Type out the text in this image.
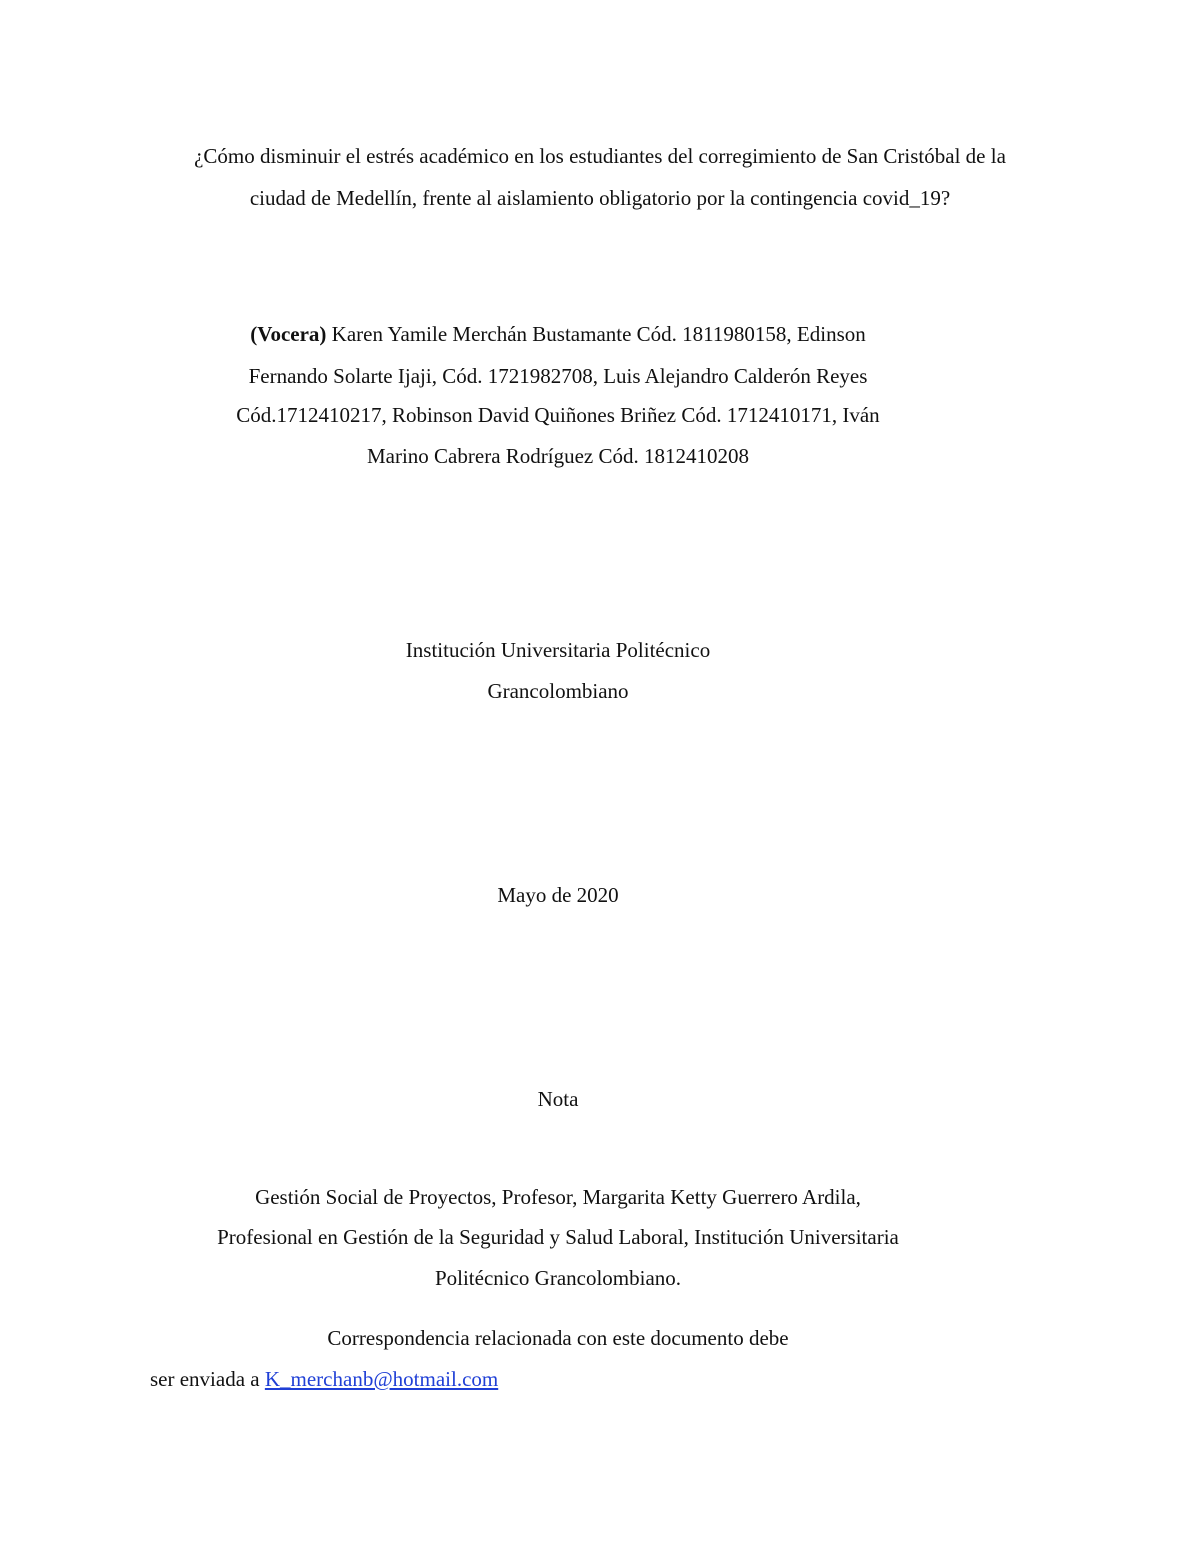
¿Cómo disminuir el estrés académico en los estudiantes del corregimiento de San Cristóbal de la
ciudad de Medellín, frente al aislamiento obligatorio por la contingencia covid_19?
(Vocera) Karen Yamile Merchán Bustamante Cód. 1811980158, Edinson
Fernando Solarte Ijaji, Cód. 1721982708, Luis Alejandro Calderón Reyes
Cód.1712410217, Robinson David Quiñones Briñez Cód. 1712410171, Iván
Marino Cabrera Rodríguez Cód. 1812410208
Institución Universitaria Politécnico
Grancolombiano
Mayo de 2020
Nota
Gestión Social de Proyectos, Profesor, Margarita Ketty Guerrero Ardila,
Profesional en Gestión de la Seguridad y Salud Laboral, Institución Universitaria
Politécnico Grancolombiano.
Correspondencia relacionada con este documento debe
ser enviada a K_merchanb@hotmail.com
